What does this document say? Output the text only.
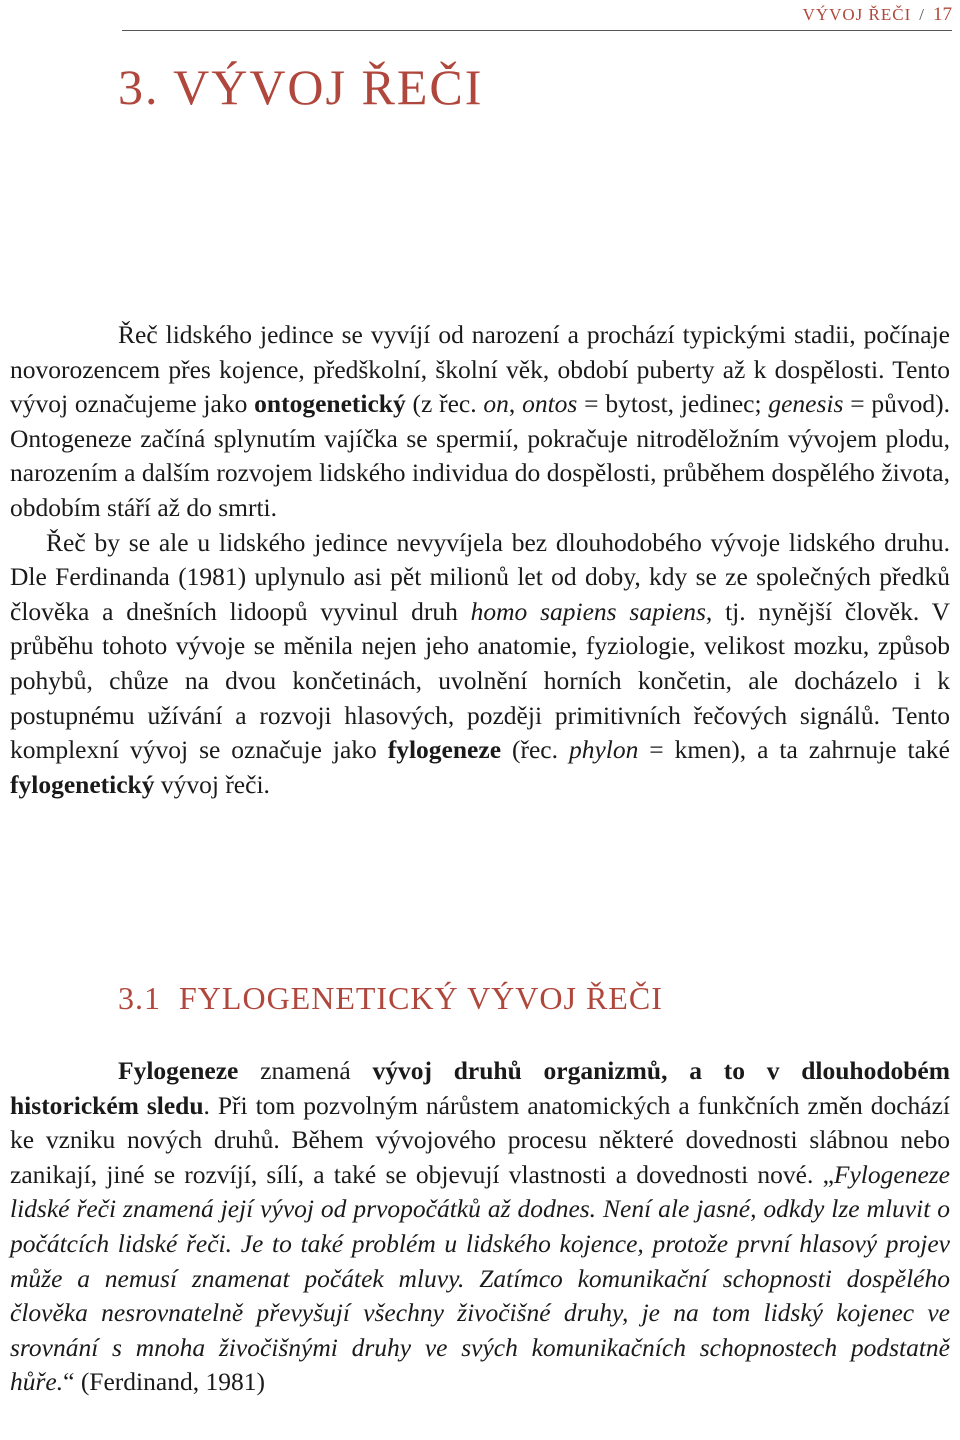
VÝVOJ ŘEČI / 17
3. VÝVOJ ŘEČI

Řeč lidského jedince se vyvíjí od narození a prochází typickými stadii, počínaje novorozencem přes kojence, předškolní, školní věk, období puberty až k dospělosti. Tento vývoj označujeme jako ontogenetický (z řec. on, ontos = bytost, jedinec; genesis = původ). Ontogeneze začíná splynutím vajíčka se spermií, pokračuje nitroděložním vývojem plodu, narozením a dalším rozvojem lidského individua do dospělosti, průběhem dospělého života, obdobím stáří až do smrti.

Řeč by se ale u lidského jedince nevyvíjela bez dlouhodobého vývoje lidského druhu. Dle Ferdinanda (1981) uplynulo asi pět milionů let od doby, kdy se ze společných předků člověka a dnešních lidoopů vyvinul druh homo sapiens sapiens, tj. nynější člověk. V průběhu tohoto vývoje se měnila nejen jeho anatomie, fyziologie, velikost mozku, způsob pohybů, chůze na dvou končetinách, uvolnění horních končetin, ale docházelo i k postupnému užívání a rozvoji hlasových, později primitivních řečových signálů. Tento komplexní vývoj se označuje jako fylogeneze (řec. phylon = kmen), a ta zahrnuje také fylogenetický vývoj řeči.

3.1 FYLOGENETICKÝ VÝVOJ ŘEČI

Fylogeneze znamená vývoj druhů organizmů, a to v dlouhodobém historickém sledu. Při tom pozvolným nárůstem anatomických a funkčních změn dochází ke vzniku nových druhů. Během vývojového procesu některé dovednosti slábnou nebo zanikají, jiné se rozvíjí, sílí, a také se objevují vlastnosti a dovednosti nové. „Fylogeneze lidské řeči znamená její vývoj od prvopočátků až dodnes. Není ale jasné, odkdy lze mluvit o počátcích lidské řeči. Je to také problém u lidského kojence, protože první hlasový projev může a nemusí znamenat počátek mluvy. Zatímco komunikační schopnosti dospělého člověka nesrovnatelně převyšují všechny živočišné druhy, je na tom lidský kojenec ve srovnání s mnoha živočišnými druhy ve svých komunikačních schopnostech podstatně hůře.“ (Ferdinand, 1981)
